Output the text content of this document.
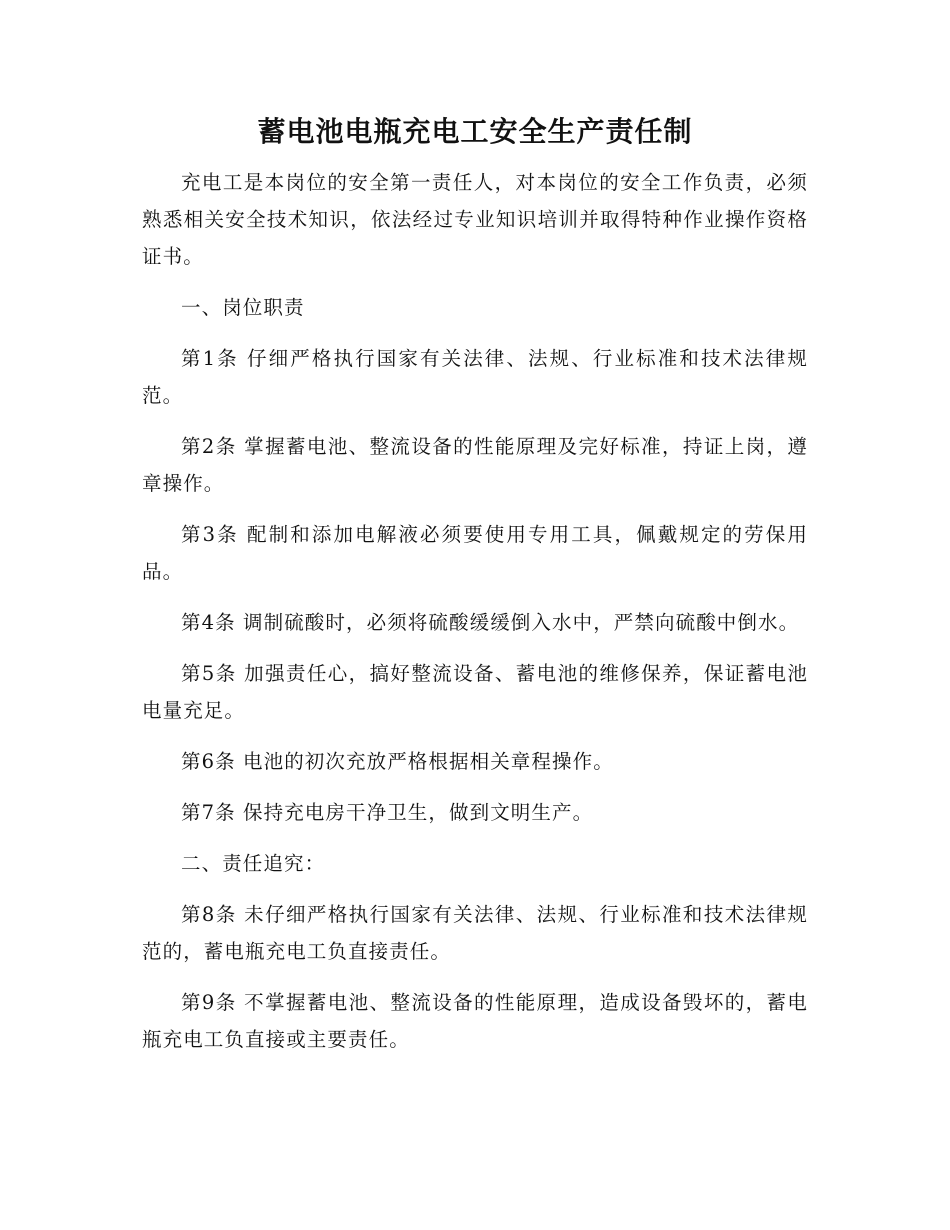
蓄电池电瓶充电工安全生产责任制

充电工是本岗位的安全第一责任人，对本岗位的安全工作负责，必须熟悉相关安全技术知识，依法经过专业知识培训并取得特种作业操作资格证书。

一、岗位职责

第1条 仔细严格执行国家有关法律、法规、行业标准和技术法律规范。

第2条 掌握蓄电池、整流设备的性能原理及完好标准，持证上岗，遵章操作。

第3条 配制和添加电解液必须要使用专用工具，佩戴规定的劳保用品。

第4条 调制硫酸时，必须将硫酸缓缓倒入水中，严禁向硫酸中倒水。

第5条 加强责任心，搞好整流设备、蓄电池的维修保养，保证蓄电池电量充足。

第6条 电池的初次充放严格根据相关章程操作。

第7条 保持充电房干净卫生，做到文明生产。

二、责任追究：

第8条 未仔细严格执行国家有关法律、法规、行业标准和技术法律规范的，蓄电瓶充电工负直接责任。

第9条 不掌握蓄电池、整流设备的性能原理，造成设备毁坏的，蓄电瓶充电工负直接或主要责任。
